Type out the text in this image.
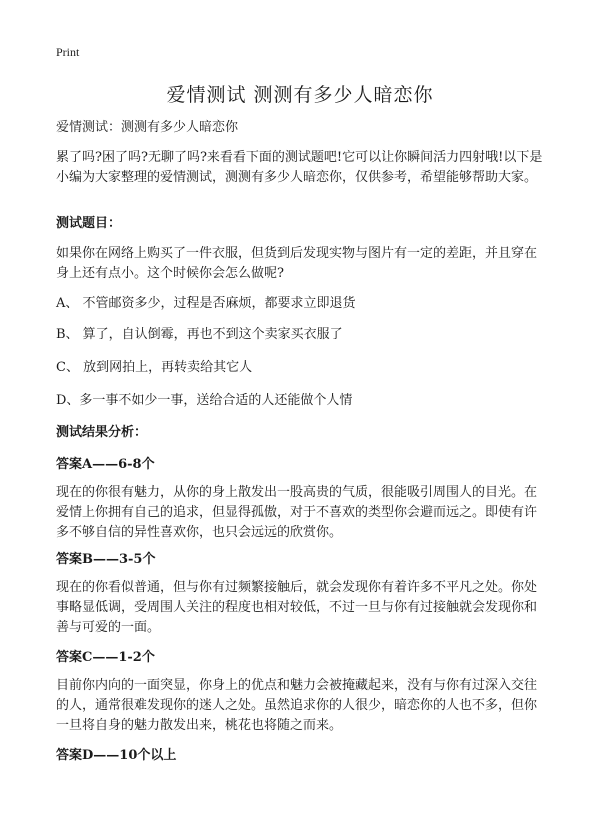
Print
爱情测试 测测有多少人暗恋你
爱情测试：测测有多少人暗恋你
累了吗?困了吗?无聊了吗?来看看下面的测试题吧!它可以让你瞬间活力四射哦!以下是小编为大家整理的爱情测试，测测有多少人暗恋你，仅供参考，希望能够帮助大家。
测试题目：
如果你在网络上购买了一件衣服，但货到后发现实物与图片有一定的差距，并且穿在身上还有点小。这个时候你会怎么做呢?
A、 不管邮资多少，过程是否麻烦，都要求立即退货
B、 算了，自认倒霉，再也不到这个卖家买衣服了
C、 放到网拍上，再转卖给其它人
D、多一事不如少一事，送给合适的人还能做个人情
测试结果分析：
答案A——6-8个
现在的你很有魅力，从你的身上散发出一股高贵的气质，很能吸引周围人的目光。在爱情上你拥有自己的追求，但显得孤傲，对于不喜欢的类型你会避而远之。即使有许多不够自信的异性喜欢你，也只会远远的欣赏你。
答案B——3-5个
现在的你看似普通，但与你有过频繁接触后，就会发现你有着许多不平凡之处。你处事略显低调，受周围人关注的程度也相对较低，不过一旦与你有过接触就会发现你和善与可爱的一面。
答案C——1-2个
目前你内向的一面突显，你身上的优点和魅力会被掩藏起来，没有与你有过深入交往的人，通常很难发现你的迷人之处。虽然追求你的人很少，暗恋你的人也不多，但你一旦将自身的魅力散发出来，桃花也将随之而来。
答案D——10个以上
